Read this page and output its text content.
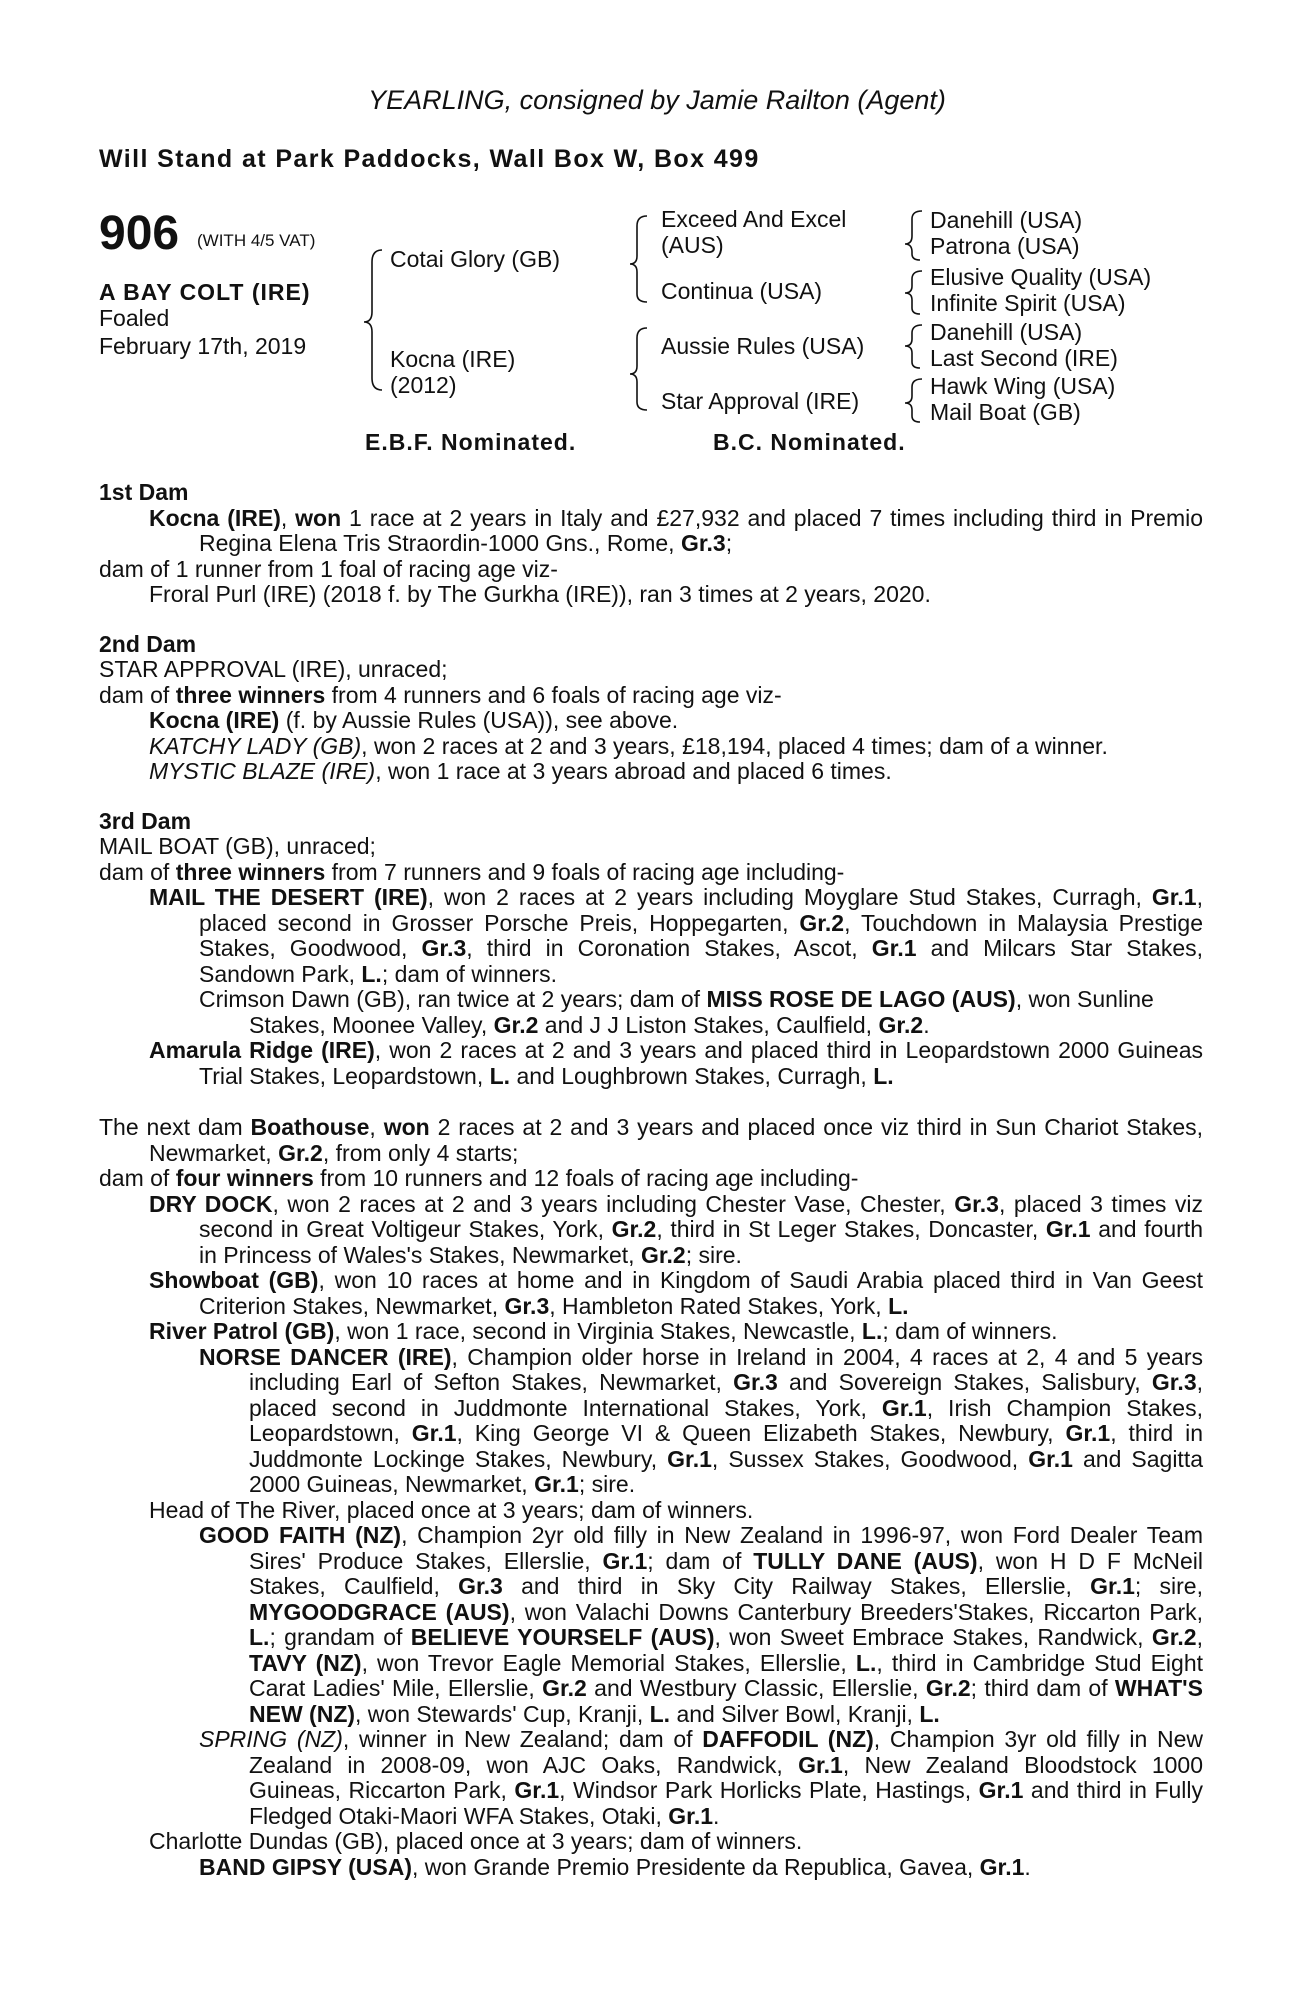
YEARLING, consigned by Jamie Railton (Agent)
Will Stand at Park Paddocks, Wall Box W, Box 499
906 (WITH 4/5 VAT)
A BAY COLT (IRE)
Foaled
February 17th, 2019
Cotai Glory (GB)
Kocna (IRE)
(2012)
Exceed And Excel
(AUS)
Continua (USA)
Aussie Rules (USA)
Star Approval (IRE)
Danehill (USA)
Patrona (USA)
Elusive Quality (USA)
Infinite Spirit (USA)
Danehill (USA)
Last Second (IRE)
Hawk Wing (USA)
Mail Boat (GB)
E.B.F. Nominated.	B.C. Nominated.

1st Dam

Kocna (IRE), won 1 race at 2 years in Italy and £27,932 and placed 7 times including third in Premio Regina Elena Tris Straordin-1000 Gns., Rome, Gr.3;

dam of 1 runner from 1 foal of racing age viz-

Froral Purl (IRE) (2018 f. by The Gurkha (IRE)), ran 3 times at 2 years, 2020.

2nd Dam

STAR APPROVAL (IRE), unraced;

dam of three winners from 4 runners and 6 foals of racing age viz-

Kocna (IRE) (f. by Aussie Rules (USA)), see above.

KATCHY LADY (GB), won 2 races at 2 and 3 years, £18,194, placed 4 times; dam of a winner.

MYSTIC BLAZE (IRE), won 1 race at 3 years abroad and placed 6 times.

3rd Dam

MAIL BOAT (GB), unraced;

dam of three winners from 7 runners and 9 foals of racing age including-

MAIL THE DESERT (IRE), won 2 races at 2 years including Moyglare Stud Stakes, Curragh, Gr.1, placed second in Grosser Porsche Preis, Hoppegarten, Gr.2, Touchdown in Malaysia Prestige Stakes, Goodwood, Gr.3, third in Coronation Stakes, Ascot, Gr.1 and Milcars Star Stakes, Sandown Park, L.; dam of winners.

Crimson Dawn (GB), ran twice at 2 years; dam of MISS ROSE DE LAGO (AUS), won Sunline Stakes, Moonee Valley, Gr.2 and J J Liston Stakes, Caulfield, Gr.2.

Amarula Ridge (IRE), won 2 races at 2 and 3 years and placed third in Leopardstown 2000 Guineas Trial Stakes, Leopardstown, L. and Loughbrown Stakes, Curragh, L.

The next dam Boathouse, won 2 races at 2 and 3 years and placed once viz third in Sun Chariot Stakes, Newmarket, Gr.2, from only 4 starts;

dam of four winners from 10 runners and 12 foals of racing age including-

DRY DOCK, won 2 races at 2 and 3 years including Chester Vase, Chester, Gr.3, placed 3 times viz second in Great Voltigeur Stakes, York, Gr.2, third in St Leger Stakes, Doncaster, Gr.1 and fourth in Princess of Wales's Stakes, Newmarket, Gr.2; sire.

Showboat (GB), won 10 races at home and in Kingdom of Saudi Arabia placed third in Van Geest Criterion Stakes, Newmarket, Gr.3, Hambleton Rated Stakes, York, L.

River Patrol (GB), won 1 race, second in Virginia Stakes, Newcastle, L.; dam of winners.

NORSE DANCER (IRE), Champion older horse in Ireland in 2004, 4 races at 2, 4 and 5 years including Earl of Sefton Stakes, Newmarket, Gr.3 and Sovereign Stakes, Salisbury, Gr.3, placed second in Juddmonte International Stakes, York, Gr.1, Irish Champion Stakes, Leopardstown, Gr.1, King George VI & Queen Elizabeth Stakes, Newbury, Gr.1, third in Juddmonte Lockinge Stakes, Newbury, Gr.1, Sussex Stakes, Goodwood, Gr.1 and Sagitta 2000 Guineas, Newmarket, Gr.1; sire.

Head of The River, placed once at 3 years; dam of winners.

GOOD FAITH (NZ), Champion 2yr old filly in New Zealand in 1996-97, won Ford Dealer Team Sires' Produce Stakes, Ellerslie, Gr.1; dam of TULLY DANE (AUS), won H D F McNeil Stakes, Caulfield, Gr.3 and third in Sky City Railway Stakes, Ellerslie, Gr.1; sire, MYGOODGRACE (AUS), won Valachi Downs Canterbury Breeders'Stakes, Riccarton Park, L.; grandam of BELIEVE YOURSELF (AUS), won Sweet Embrace Stakes, Randwick, Gr.2, TAVY (NZ), won Trevor Eagle Memorial Stakes, Ellerslie, L., third in Cambridge Stud Eight Carat Ladies' Mile, Ellerslie, Gr.2 and Westbury Classic, Ellerslie, Gr.2; third dam of WHAT'S NEW (NZ), won Stewards' Cup, Kranji, L. and Silver Bowl, Kranji, L.

SPRING (NZ), winner in New Zealand; dam of DAFFODIL (NZ), Champion 3yr old filly in New Zealand in 2008-09, won AJC Oaks, Randwick, Gr.1, New Zealand Bloodstock 1000 Guineas, Riccarton Park, Gr.1, Windsor Park Horlicks Plate, Hastings, Gr.1 and third in Fully Fledged Otaki-Maori WFA Stakes, Otaki, Gr.1.

Charlotte Dundas (GB), placed once at 3 years; dam of winners.

BAND GIPSY (USA), won Grande Premio Presidente da Republica, Gavea, Gr.1.
